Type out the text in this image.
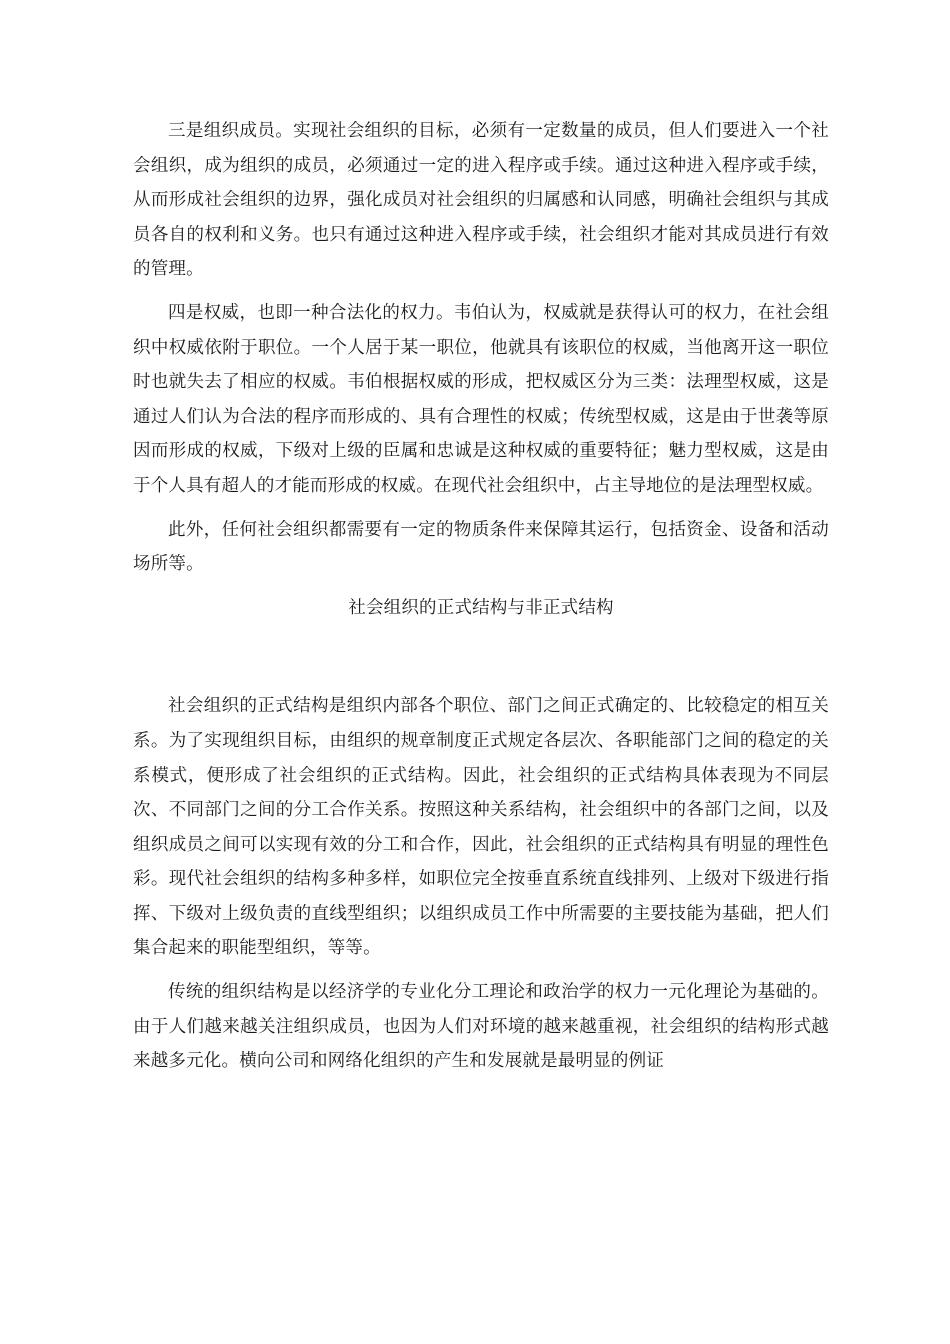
三是组织成员。实现社会组织的目标，必须有一定数量的成员，但人们要进入一个社会组织，成为组织的成员，必须通过一定的进入程序或手续。通过这种进入程序或手续，从而形成社会组织的边界，强化成员对社会组织的归属感和认同感，明确社会组织与其成员各自的权利和义务。也只有通过这种进入程序或手续，社会组织才能对其成员进行有效的管理。

四是权威，也即一种合法化的权力。韦伯认为，权威就是获得认可的权力，在社会组织中权威依附于职位。一个人居于某一职位，他就具有该职位的权威，当他离开这一职位时也就失去了相应的权威。韦伯根据权威的形成，把权威区分为三类：法理型权威，这是通过人们认为合法的程序而形成的、具有合理性的权威；传统型权威，这是由于世袭等原因而形成的权威，下级对上级的臣属和忠诚是这种权威的重要特征；魅力型权威，这是由于个人具有超人的才能而形成的权威。在现代社会组织中，占主导地位的是法理型权威。

此外，任何社会组织都需要有一定的物质条件来保障其运行，包括资金、设备和活动场所等。

社会组织的正式结构与非正式结构

社会组织的正式结构是组织内部各个职位、部门之间正式确定的、比较稳定的相互关系。为了实现组织目标，由组织的规章制度正式规定各层次、各职能部门之间的稳定的关系模式，便形成了社会组织的正式结构。因此，社会组织的正式结构具体表现为不同层次、不同部门之间的分工合作关系。按照这种关系结构，社会组织中的各部门之间，以及组织成员之间可以实现有效的分工和合作，因此，社会组织的正式结构具有明显的理性色彩。现代社会组织的结构多种多样，如职位完全按垂直系统直线排列、上级对下级进行指挥、下级对上级负责的直线型组织；以组织成员工作中所需要的主要技能为基础，把人们集合起来的职能型组织，等等。

传统的组织结构是以经济学的专业化分工理论和政治学的权力一元化理论为基础的。由于人们越来越关注组织成员，也因为人们对环境的越来越重视，社会组织的结构形式越来越多元化。横向公司和网络化组织的产生和发展就是最明显的例证
